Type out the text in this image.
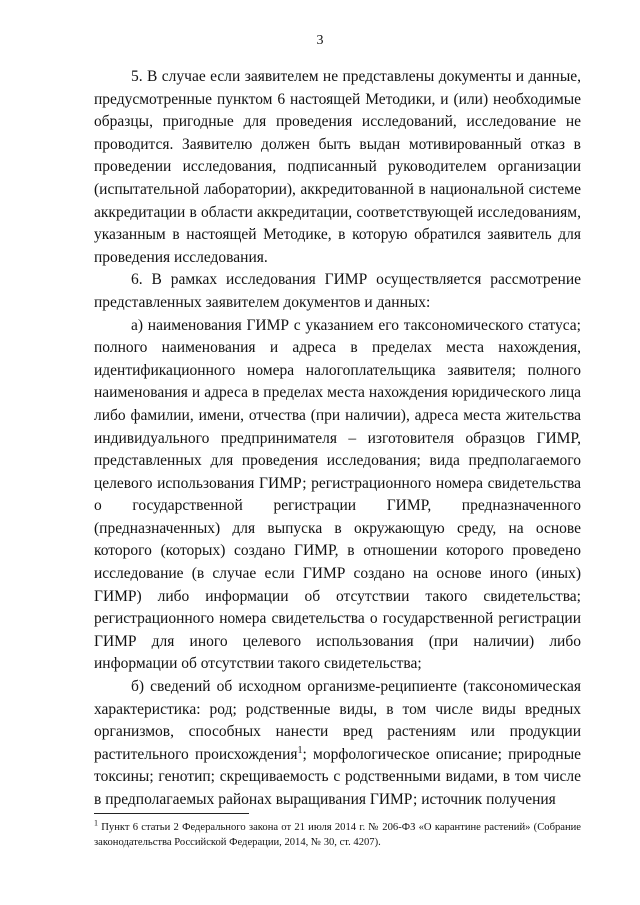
3

5. В случае если заявителем не представлены документы и данные, предусмотренные пунктом 6 настоящей Методики, и (или) необходимые образцы, пригодные для проведения исследований, исследование не проводится. Заявителю должен быть выдан мотивированный отказ в проведении исследования, подписанный руководителем организации (испытательной лаборатории), аккредитованной в национальной системе аккредитации в области аккредитации, соответствующей исследованиям, указанным в настоящей Методике, в которую обратился заявитель для проведения исследования.

6. В рамках исследования ГИМР осуществляется рассмотрение представленных заявителем документов и данных:

а) наименования ГИМР с указанием его таксономического статуса; полного наименования и адреса в пределах места нахождения, идентификационного номера налогоплательщика заявителя; полного наименования и адреса в пределах места нахождения юридического лица либо фамилии, имени, отчества (при наличии), адреса места жительства индивидуального предпринимателя – изготовителя образцов ГИМР, представленных для проведения исследования; вида предполагаемого целевого использования ГИМР; регистрационного номера свидетельства о государственной регистрации ГИМР, предназначенного (предназначенных) для выпуска в окружающую среду, на основе которого (которых) создано ГИМР, в отношении которого проведено исследование (в случае если ГИМР создано на основе иного (иных) ГИМР) либо информации об отсутствии такого свидетельства; регистрационного номера свидетельства о государственной регистрации ГИМР для иного целевого использования (при наличии) либо информации об отсутствии такого свидетельства;

б) сведений об исходном организме-реципиенте (таксономическая характеристика: род; родственные виды, в том числе виды вредных организмов, способных нанести вред растениям или продукции растительного происхождения$^1$; морфологическое описание; природные токсины; генотип; скрещиваемость с родственными видами, в том числе в предполагаемых районах выращивания ГИМР; источник получения

$^1$ Пункт 6 статьи 2 Федерального закона от 21 июля 2014 г. № 206-ФЗ «О карантине растений» (Собрание законодательства Российской Федерации, 2014, № 30, ст. 4207).
